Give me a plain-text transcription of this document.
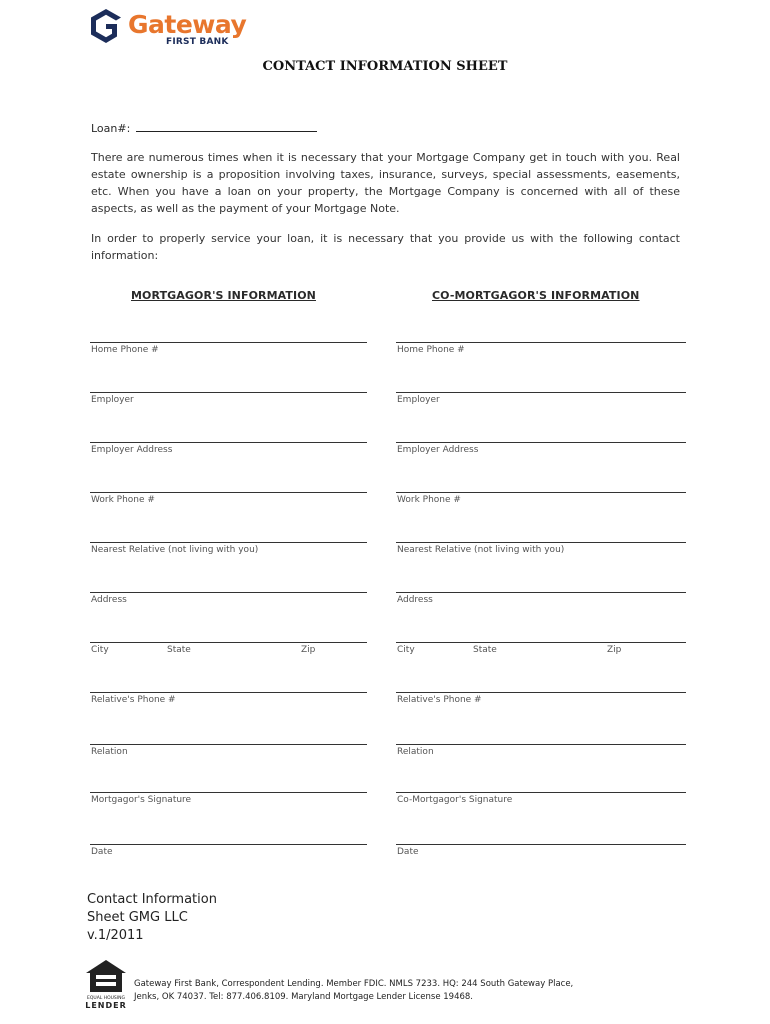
Gateway
FIRST BANK
CONTACT INFORMATION SHEET
Loan#:
There are numerous times when it is necessary that your Mortgage Company get in touch with you. Real estate ownership is a proposition involving taxes, insurance, surveys, special assessments, easements, etc. When you have a loan on your property, the Mortgage Company is concerned with all of these aspects, as well as the payment of your Mortgage Note.
In order to properly service your loan, it is necessary that you provide us with the following contact information:
MORTGAGOR'S INFORMATION	CO-MORTGAGOR'S INFORMATION
Home Phone #
Employer
Employer Address
Work Phone #
Nearest Relative (not living with you)
Address
City	State	Zip
Relative's Phone #
Relation
Mortgagor's Signature
Date
Home Phone #
Employer
Employer Address
Work Phone #
Nearest Relative (not living with you)
Address
City	State	Zip
Relative's Phone #
Relation
Co-Mortgagor's Signature
Date
Contact Information
Sheet GMG LLC
v.1/2011
EQUAL HOUSING
LENDER
Gateway First Bank, Correspondent Lending. Member FDIC. NMLS 7233. HQ: 244 South Gateway Place,
Jenks, OK 74037. Tel: 877.406.8109. Maryland Mortgage Lender License 19468.
